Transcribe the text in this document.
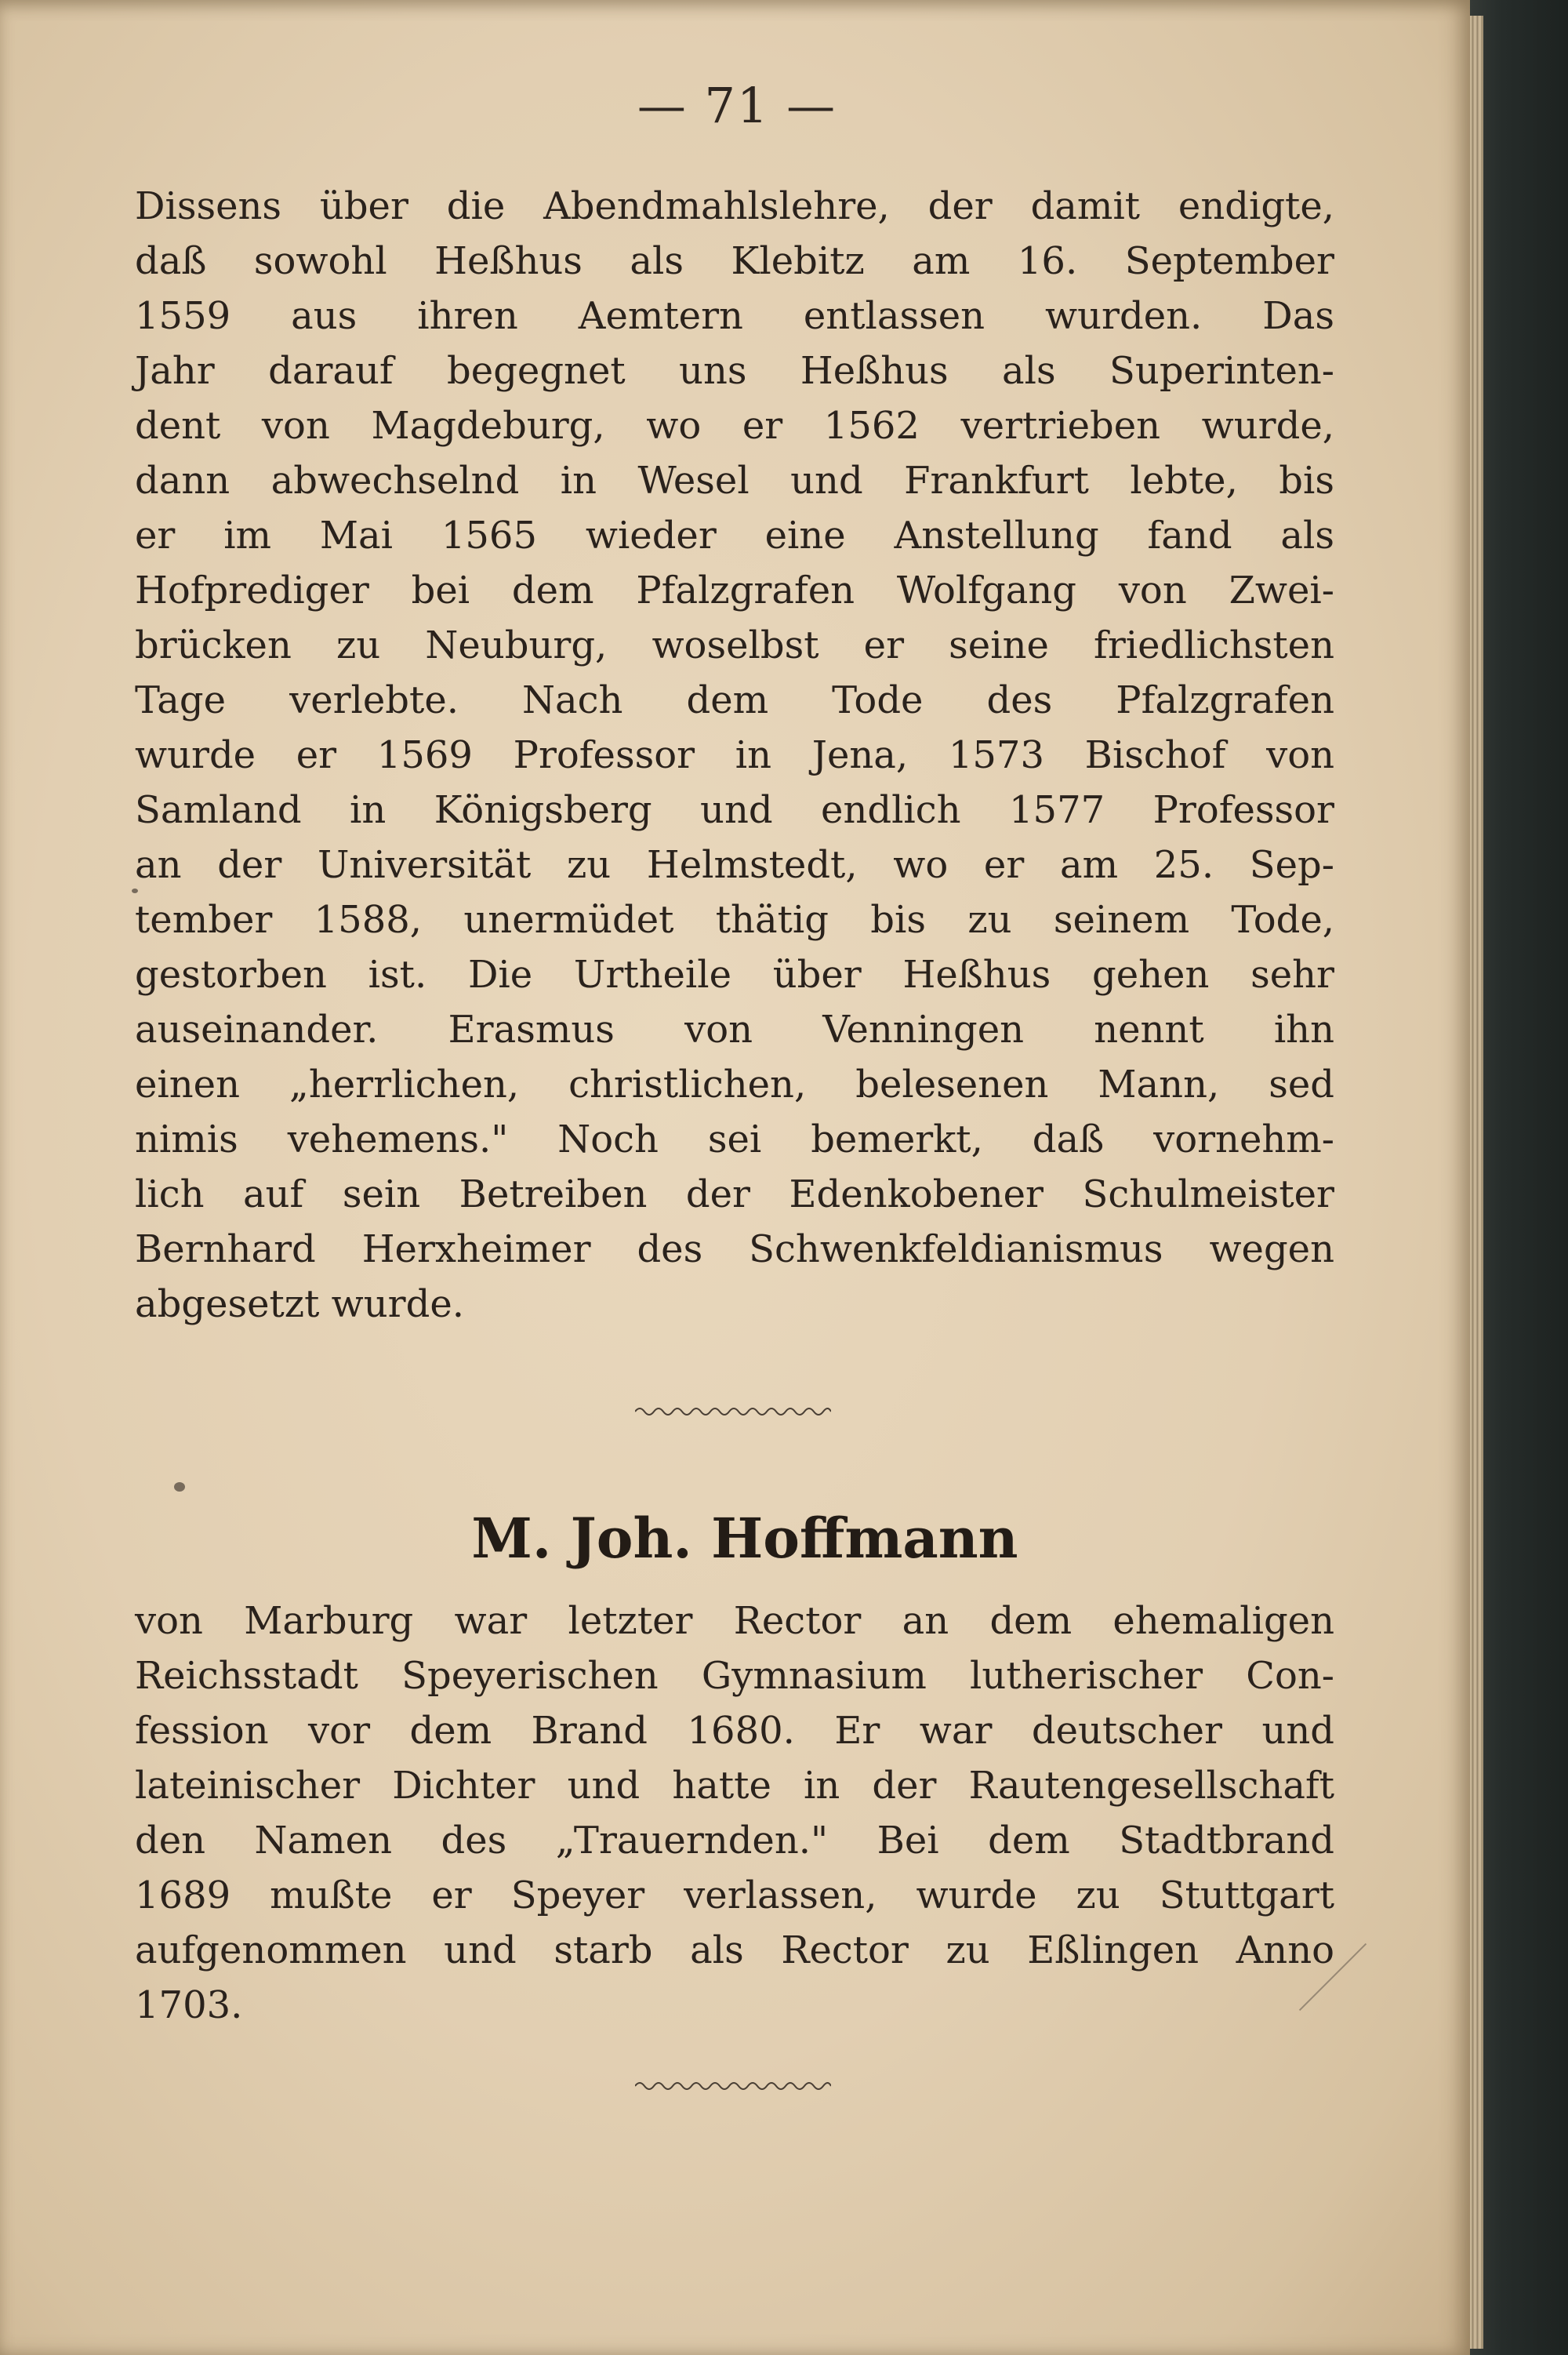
— 71 —
Dissens über die Abendmahlslehre, der damit endigte,
daß sowohl Heßhus als Klebitz am 16. September
1559 aus ihren Aemtern entlassen wurden. Das
Jahr darauf begegnet uns Heßhus als Superinten-
dent von Magdeburg, wo er 1562 vertrieben wurde,
dann abwechselnd in Wesel und Frankfurt lebte, bis
er im Mai 1565 wieder eine Anstellung fand als
Hofprediger bei dem Pfalzgrafen Wolfgang von Zwei-
brücken zu Neuburg, woselbst er seine friedlichsten
Tage verlebte. Nach dem Tode des Pfalzgrafen
wurde er 1569 Professor in Jena, 1573 Bischof von
Samland in Königsberg und endlich 1577 Professor
an der Universität zu Helmstedt, wo er am 25. Sep-
tember 1588, unermüdet thätig bis zu seinem Tode,
gestorben ist. Die Urtheile über Heßhus gehen sehr
auseinander. Erasmus von Venningen nennt ihn
einen „herrlichen, christlichen, belesenen Mann, sed
nimis vehemens." Noch sei bemerkt, daß vornehm-
lich auf sein Betreiben der Edenkobener Schulmeister
Bernhard Herxheimer des Schwenkfeldianismus wegen
abgesetzt wurde.
M. Joh. Hoffmann
von Marburg war letzter Rector an dem ehemaligen
Reichsstadt Speyerischen Gymnasium lutherischer Con-
fession vor dem Brand 1680. Er war deutscher und
lateinischer Dichter und hatte in der Rautengesellschaft
den Namen des „Trauernden." Bei dem Stadtbrand
1689 mußte er Speyer verlassen, wurde zu Stuttgart
aufgenommen und starb als Rector zu Eßlingen Anno
1703.
